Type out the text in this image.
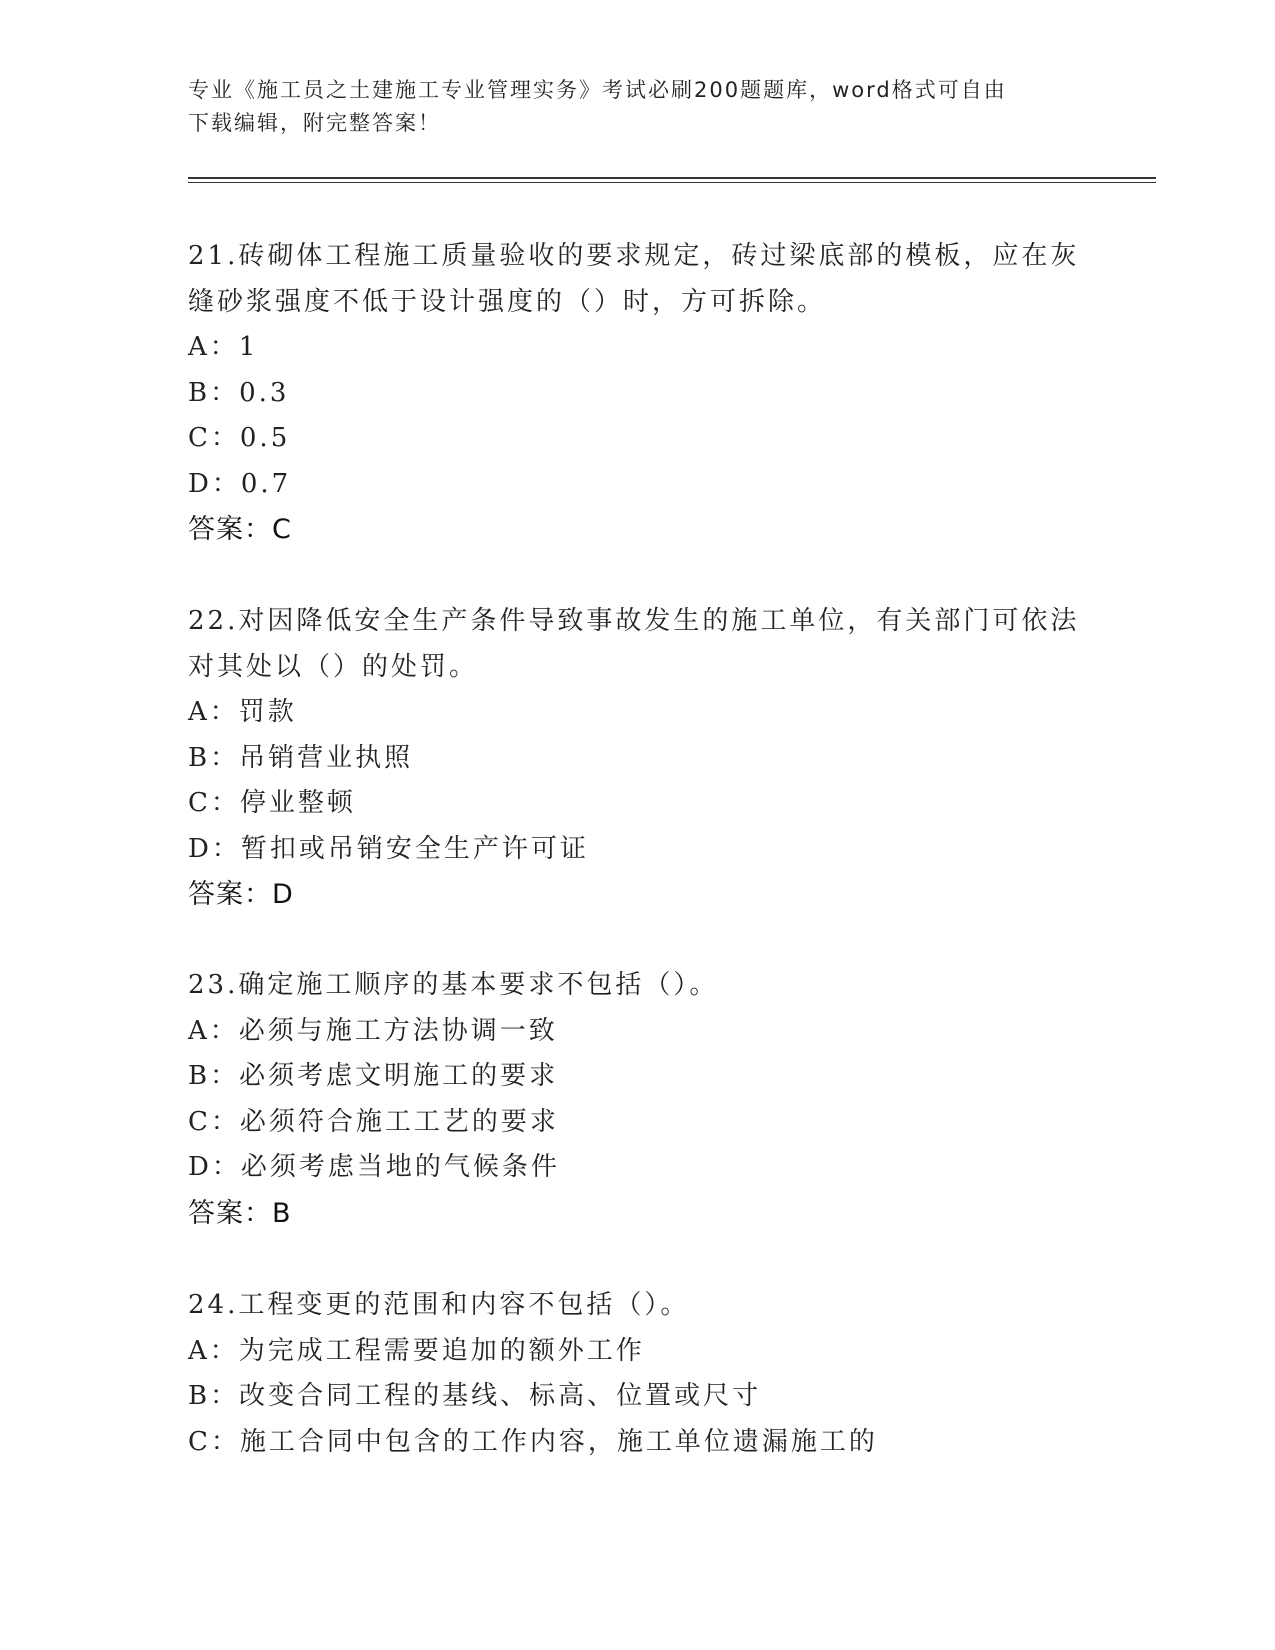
专业《施工员之土建施工专业管理实务》考试必刷200题题库，word格式可自由
下载编辑，附完整答案！
21.砖砌体工程施工质量验收的要求规定，砖过梁底部的模板，应在灰
缝砂浆强度不低于设计强度的（）时，方可拆除。
A：1
B：0.3
C：0.5
D：0.7
答案：C
22.对因降低安全生产条件导致事故发生的施工单位，有关部门可依法
对其处以（）的处罚。
A：罚款
B：吊销营业执照
C：停业整顿
D：暂扣或吊销安全生产许可证
答案：D
23.确定施工顺序的基本要求不包括（）。
A：必须与施工方法协调一致
B：必须考虑文明施工的要求
C：必须符合施工工艺的要求
D：必须考虑当地的气候条件
答案：B
24.工程变更的范围和内容不包括（）。
A：为完成工程需要追加的额外工作
B：改变合同工程的基线、标高、位置或尺寸
C：施工合同中包含的工作内容，施工单位遗漏施工的
